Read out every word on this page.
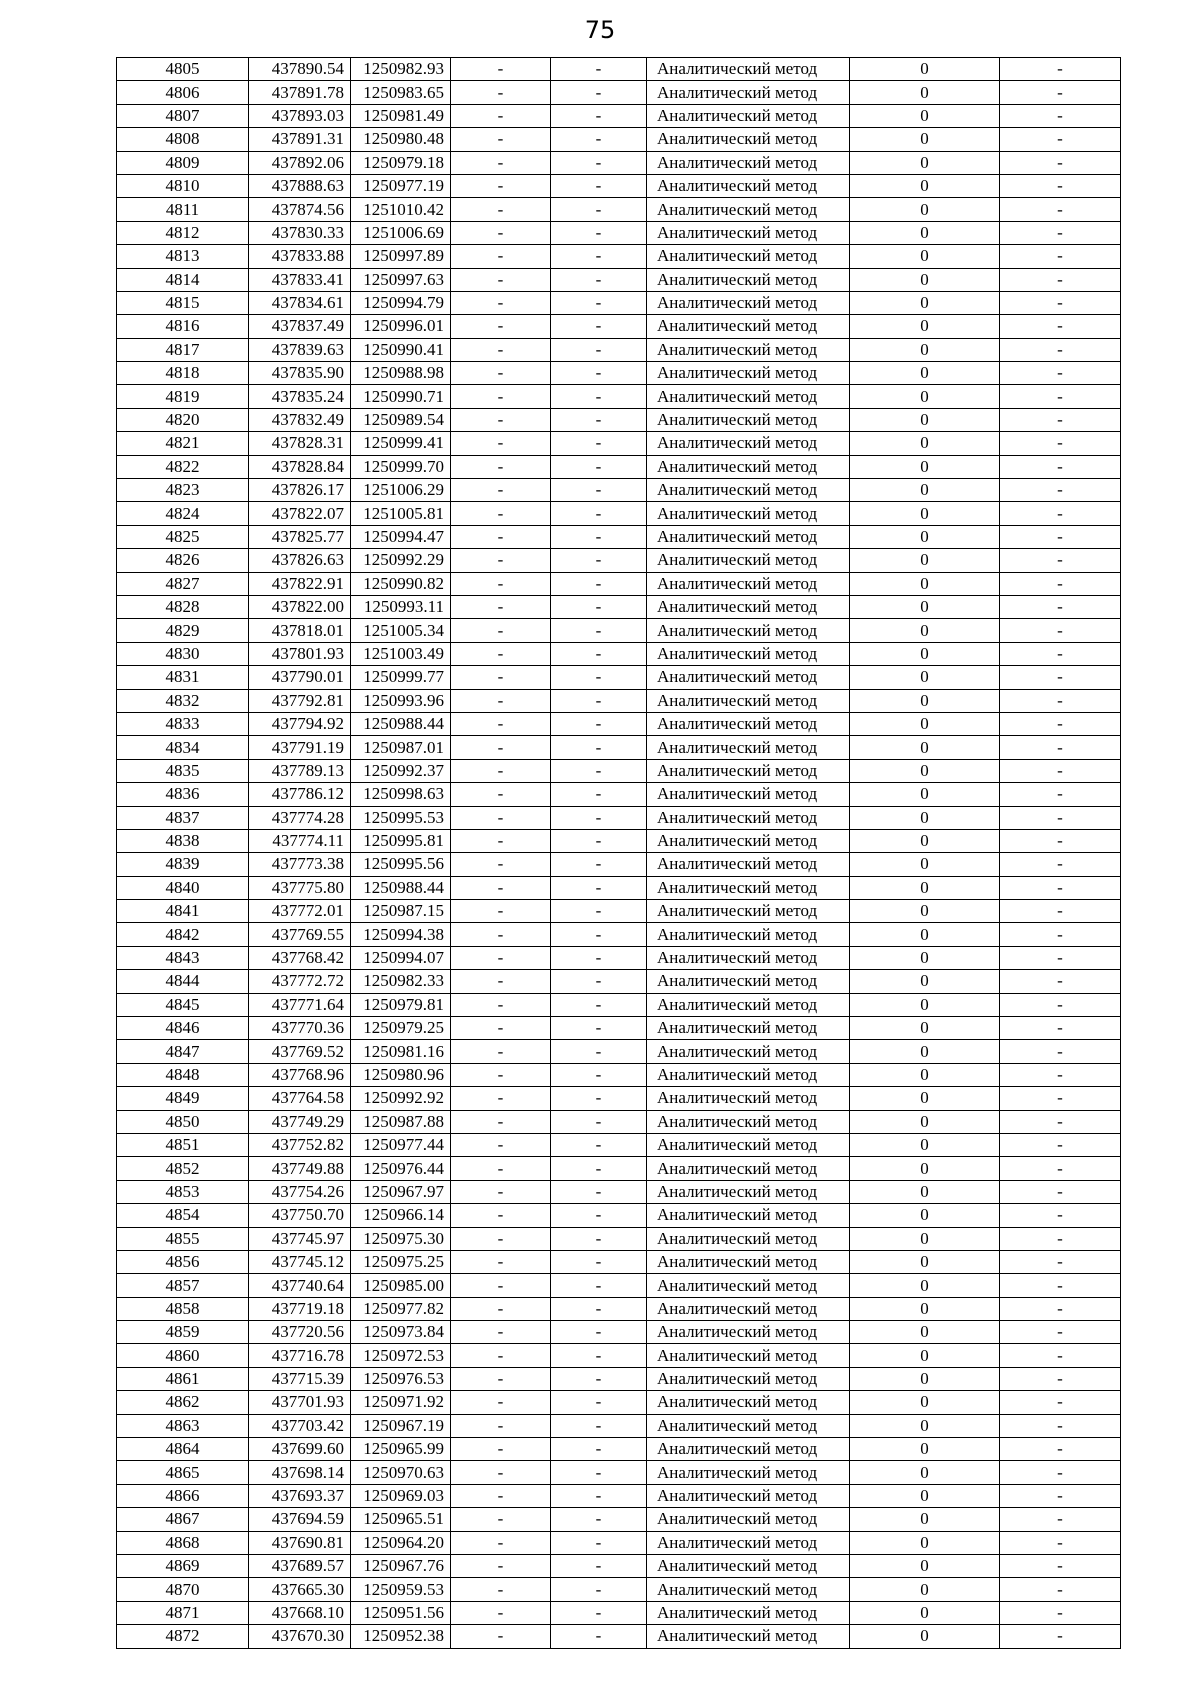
75
4805	437890.54	1250982.93	-	-	Аналитический метод	0	-
4806	437891.78	1250983.65	-	-	Аналитический метод	0	-
4807	437893.03	1250981.49	-	-	Аналитический метод	0	-
4808	437891.31	1250980.48	-	-	Аналитический метод	0	-
4809	437892.06	1250979.18	-	-	Аналитический метод	0	-
4810	437888.63	1250977.19	-	-	Аналитический метод	0	-
4811	437874.56	1251010.42	-	-	Аналитический метод	0	-
4812	437830.33	1251006.69	-	-	Аналитический метод	0	-
4813	437833.88	1250997.89	-	-	Аналитический метод	0	-
4814	437833.41	1250997.63	-	-	Аналитический метод	0	-
4815	437834.61	1250994.79	-	-	Аналитический метод	0	-
4816	437837.49	1250996.01	-	-	Аналитический метод	0	-
4817	437839.63	1250990.41	-	-	Аналитический метод	0	-
4818	437835.90	1250988.98	-	-	Аналитический метод	0	-
4819	437835.24	1250990.71	-	-	Аналитический метод	0	-
4820	437832.49	1250989.54	-	-	Аналитический метод	0	-
4821	437828.31	1250999.41	-	-	Аналитический метод	0	-
4822	437828.84	1250999.70	-	-	Аналитический метод	0	-
4823	437826.17	1251006.29	-	-	Аналитический метод	0	-
4824	437822.07	1251005.81	-	-	Аналитический метод	0	-
4825	437825.77	1250994.47	-	-	Аналитический метод	0	-
4826	437826.63	1250992.29	-	-	Аналитический метод	0	-
4827	437822.91	1250990.82	-	-	Аналитический метод	0	-
4828	437822.00	1250993.11	-	-	Аналитический метод	0	-
4829	437818.01	1251005.34	-	-	Аналитический метод	0	-
4830	437801.93	1251003.49	-	-	Аналитический метод	0	-
4831	437790.01	1250999.77	-	-	Аналитический метод	0	-
4832	437792.81	1250993.96	-	-	Аналитический метод	0	-
4833	437794.92	1250988.44	-	-	Аналитический метод	0	-
4834	437791.19	1250987.01	-	-	Аналитический метод	0	-
4835	437789.13	1250992.37	-	-	Аналитический метод	0	-
4836	437786.12	1250998.63	-	-	Аналитический метод	0	-
4837	437774.28	1250995.53	-	-	Аналитический метод	0	-
4838	437774.11	1250995.81	-	-	Аналитический метод	0	-
4839	437773.38	1250995.56	-	-	Аналитический метод	0	-
4840	437775.80	1250988.44	-	-	Аналитический метод	0	-
4841	437772.01	1250987.15	-	-	Аналитический метод	0	-
4842	437769.55	1250994.38	-	-	Аналитический метод	0	-
4843	437768.42	1250994.07	-	-	Аналитический метод	0	-
4844	437772.72	1250982.33	-	-	Аналитический метод	0	-
4845	437771.64	1250979.81	-	-	Аналитический метод	0	-
4846	437770.36	1250979.25	-	-	Аналитический метод	0	-
4847	437769.52	1250981.16	-	-	Аналитический метод	0	-
4848	437768.96	1250980.96	-	-	Аналитический метод	0	-
4849	437764.58	1250992.92	-	-	Аналитический метод	0	-
4850	437749.29	1250987.88	-	-	Аналитический метод	0	-
4851	437752.82	1250977.44	-	-	Аналитический метод	0	-
4852	437749.88	1250976.44	-	-	Аналитический метод	0	-
4853	437754.26	1250967.97	-	-	Аналитический метод	0	-
4854	437750.70	1250966.14	-	-	Аналитический метод	0	-
4855	437745.97	1250975.30	-	-	Аналитический метод	0	-
4856	437745.12	1250975.25	-	-	Аналитический метод	0	-
4857	437740.64	1250985.00	-	-	Аналитический метод	0	-
4858	437719.18	1250977.82	-	-	Аналитический метод	0	-
4859	437720.56	1250973.84	-	-	Аналитический метод	0	-
4860	437716.78	1250972.53	-	-	Аналитический метод	0	-
4861	437715.39	1250976.53	-	-	Аналитический метод	0	-
4862	437701.93	1250971.92	-	-	Аналитический метод	0	-
4863	437703.42	1250967.19	-	-	Аналитический метод	0	-
4864	437699.60	1250965.99	-	-	Аналитический метод	0	-
4865	437698.14	1250970.63	-	-	Аналитический метод	0	-
4866	437693.37	1250969.03	-	-	Аналитический метод	0	-
4867	437694.59	1250965.51	-	-	Аналитический метод	0	-
4868	437690.81	1250964.20	-	-	Аналитический метод	0	-
4869	437689.57	1250967.76	-	-	Аналитический метод	0	-
4870	437665.30	1250959.53	-	-	Аналитический метод	0	-
4871	437668.10	1250951.56	-	-	Аналитический метод	0	-
4872	437670.30	1250952.38	-	-	Аналитический метод	0	-
